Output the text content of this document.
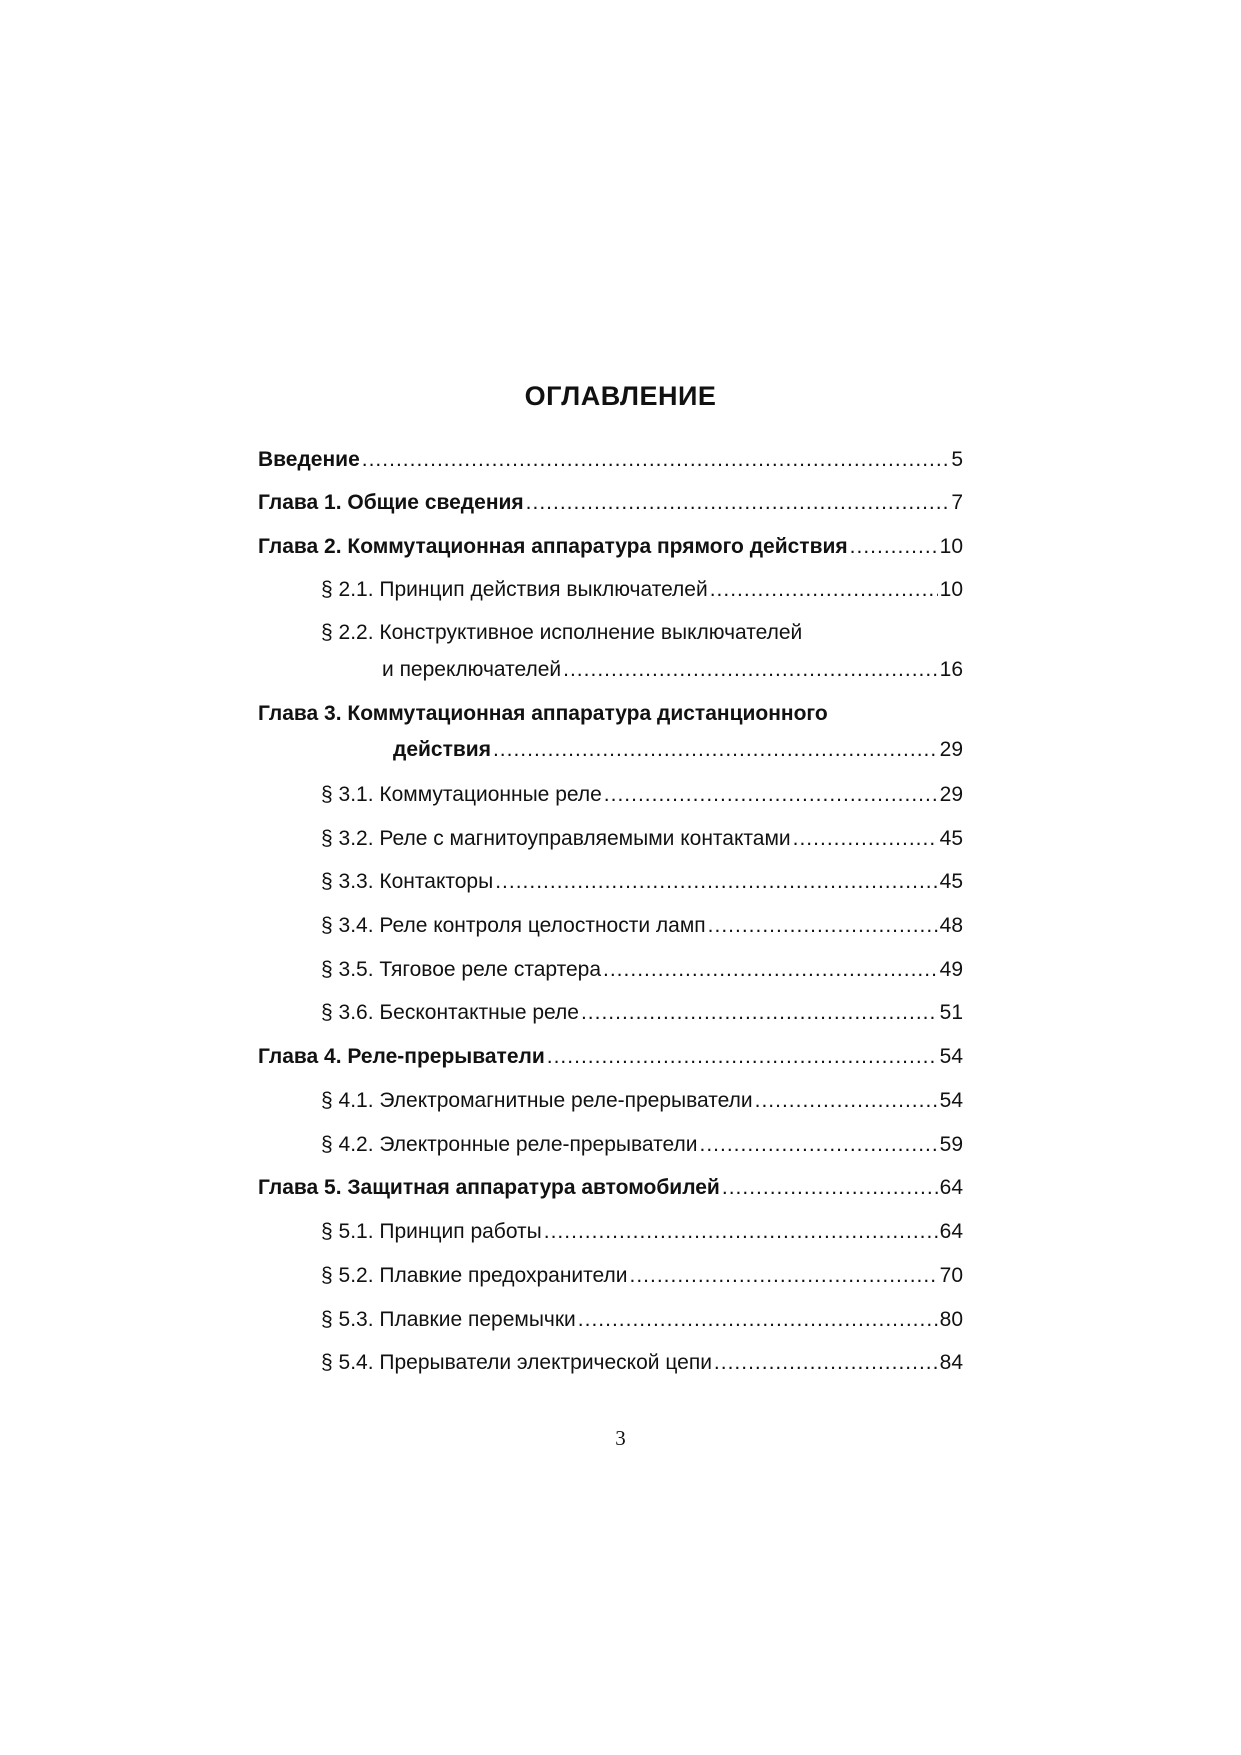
ОГЛАВЛЕНИЕ
Введение .....	5
Глава 1. Общие сведения .....	7
Глава 2. Коммутационная аппаратура прямого действия .....	10
§ 2.1. Принцип действия выключателей .....	10
§ 2.2. Конструктивное исполнение выключателей
и переключателей .....	16
Глава 3. Коммутационная аппаратура дистанционного
действия .....	29
§ 3.1. Коммутационные реле .....	29
§ 3.2. Реле с магнитоуправляемыми контактами .....	45
§ 3.3. Контакторы .....	45
§ 3.4. Реле контроля целостности ламп .....	48
§ 3.5. Тяговое реле стартера .....	49
§ 3.6. Бесконтактные реле .....	51
Глава 4. Реле-прерыватели .....	54
§ 4.1. Электромагнитные реле-прерыватели .....	54
§ 4.2. Электронные реле-прерыватели .....	59
Глава 5. Защитная аппаратура автомобилей .....	64
§ 5.1. Принцип работы .....	64
§ 5.2. Плавкие предохранители .....	70
§ 5.3. Плавкие перемычки .....	80
§ 5.4. Прерыватели электрической цепи .....	84

3
